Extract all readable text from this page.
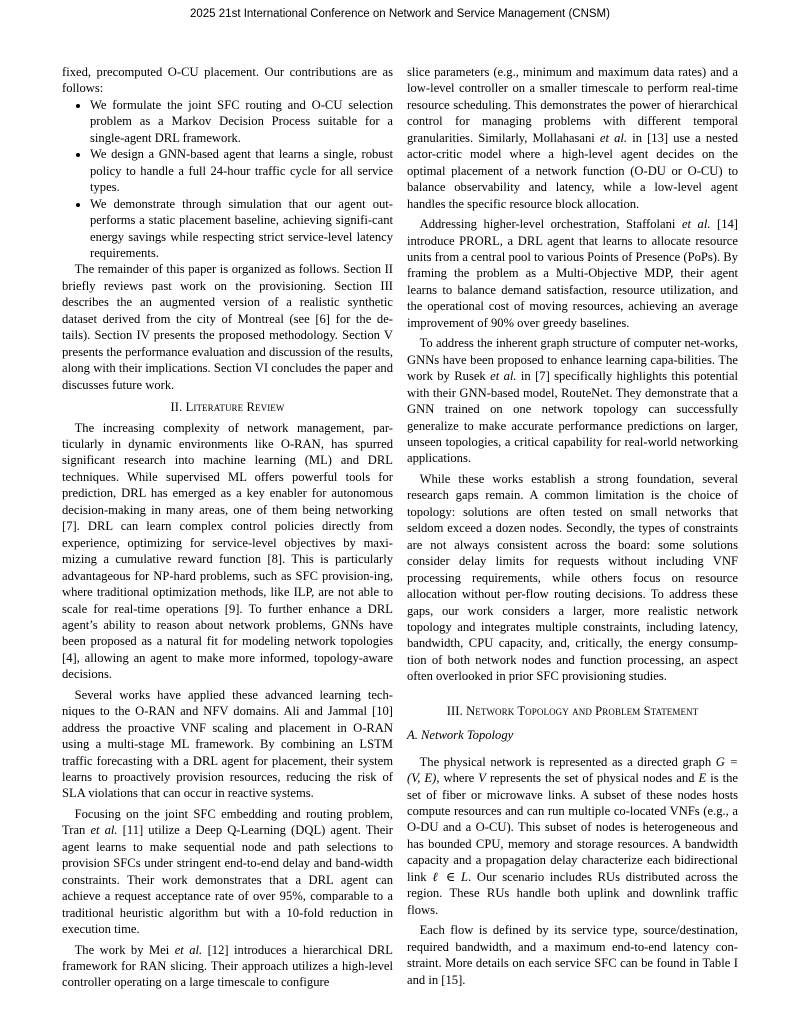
2025 21st International Conference on Network and Service Management (CNSM)

fixed, precomputed O-CU placement. Our contributions are as follows:

• We formulate the joint SFC routing and O-CU selection problem as a Markov Decision Process suitable for a single-agent DRL framework.
• We design a GNN-based agent that learns a single, robust policy to handle a full 24-hour traffic cycle for all service types.
• We demonstrate through simulation that our agent out-performs a static placement baseline, achieving signifi-cant energy savings while respecting strict service-level latency requirements.

The remainder of this paper is organized as follows. Section II briefly reviews past work on the provisioning. Section III describes the an augmented version of a realistic synthetic dataset derived from the city of Montreal (see [6] for the de-tails). Section IV presents the proposed methodology. Section V presents the performance evaluation and discussion of the results, along with their implications. Section VI concludes the paper and discusses future work.

II. Literature Review

The increasing complexity of network management, par-ticularly in dynamic environments like O-RAN, has spurred significant research into machine learning (ML) and DRL techniques. While supervised ML offers powerful tools for prediction, DRL has emerged as a key enabler for autonomous decision-making in many areas, one of them being networking [7]. DRL can learn complex control policies directly from experience, optimizing for service-level objectives by maxi-mizing a cumulative reward function [8]. This is particularly advantageous for NP-hard problems, such as SFC provision-ing, where traditional optimization methods, like ILP, are not able to scale for real-time operations [9]. To further enhance a DRL agent’s ability to reason about network problems, GNNs have been proposed as a natural fit for modeling network topologies [4], allowing an agent to make more informed, topology-aware decisions.

Several works have applied these advanced learning tech-niques to the O-RAN and NFV domains. Ali and Jammal [10] address the proactive VNF scaling and placement in O-RAN using a multi-stage ML framework. By combining an LSTM traffic forecasting with a DRL agent for placement, their system learns to proactively provision resources, reducing the risk of SLA violations that can occur in reactive systems.

Focusing on the joint SFC embedding and routing problem, Tran et al. [11] utilize a Deep Q-Learning (DQL) agent. Their agent learns to make sequential node and path selections to provision SFCs under stringent end-to-end delay and band-width constraints. Their work demonstrates that a DRL agent can achieve a request acceptance rate of over 95%, comparable to a traditional heuristic algorithm but with a 10-fold reduction in execution time.

The work by Mei et al. [12] introduces a hierarchical DRL framework for RAN slicing. Their approach utilizes a high-level controller operating on a large timescale to configure

slice parameters (e.g., minimum and maximum data rates) and a low-level controller on a smaller timescale to perform real-time resource scheduling. This demonstrates the power of hierarchical control for managing problems with different temporal granularities. Similarly, Mollahasani et al. in [13] use a nested actor-critic model where a high-level agent decides on the optimal placement of a network function (O-DU or O-CU) to balance observability and latency, while a low-level agent handles the specific resource block allocation.

Addressing higher-level orchestration, Staffolani et al. [14] introduce PRORL, a DRL agent that learns to allocate resource units from a central pool to various Points of Presence (PoPs). By framing the problem as a Multi-Objective MDP, their agent learns to balance demand satisfaction, resource utilization, and the operational cost of moving resources, achieving an average improvement of 90% over greedy baselines.

To address the inherent graph structure of computer net-works, GNNs have been proposed to enhance learning capa-bilities. The work by Rusek et al. in [7] specifically highlights this potential with their GNN-based model, RouteNet. They demonstrate that a GNN trained on one network topology can successfully generalize to make accurate performance predictions on larger, unseen topologies, a critical capability for real-world networking applications.

While these works establish a strong foundation, several research gaps remain. A common limitation is the choice of topology: solutions are often tested on small networks that seldom exceed a dozen nodes. Secondly, the types of constraints are not always consistent across the board: some solutions consider delay limits for requests without including VNF processing requirements, while others focus on resource allocation without per-flow routing decisions. To address these gaps, our work considers a larger, more realistic network topology and integrates multiple constraints, including latency, bandwidth, CPU capacity, and, critically, the energy consump-tion of both network nodes and function processing, an aspect often overlooked in prior SFC provisioning studies.

III. Network Topology and Problem Statement
A. Network Topology

The physical network is represented as a directed graph G = (V, E), where V represents the set of physical nodes and E is the set of fiber or microwave links. A subset of these nodes hosts compute resources and can run multiple co-located VNFs (e.g., a O-DU and a O-CU). This subset of nodes is heterogeneous and has bounded CPU, memory and storage resources. A bandwidth capacity and a propagation delay characterize each bidirectional link ℓ ∈ L. Our scenario includes RUs distributed across the region. These RUs handle both uplink and downlink traffic flows.

Each flow is defined by its service type, source/destination, required bandwidth, and a maximum end-to-end latency con-straint. More details on each service SFC can be found in Table I and in [15].
